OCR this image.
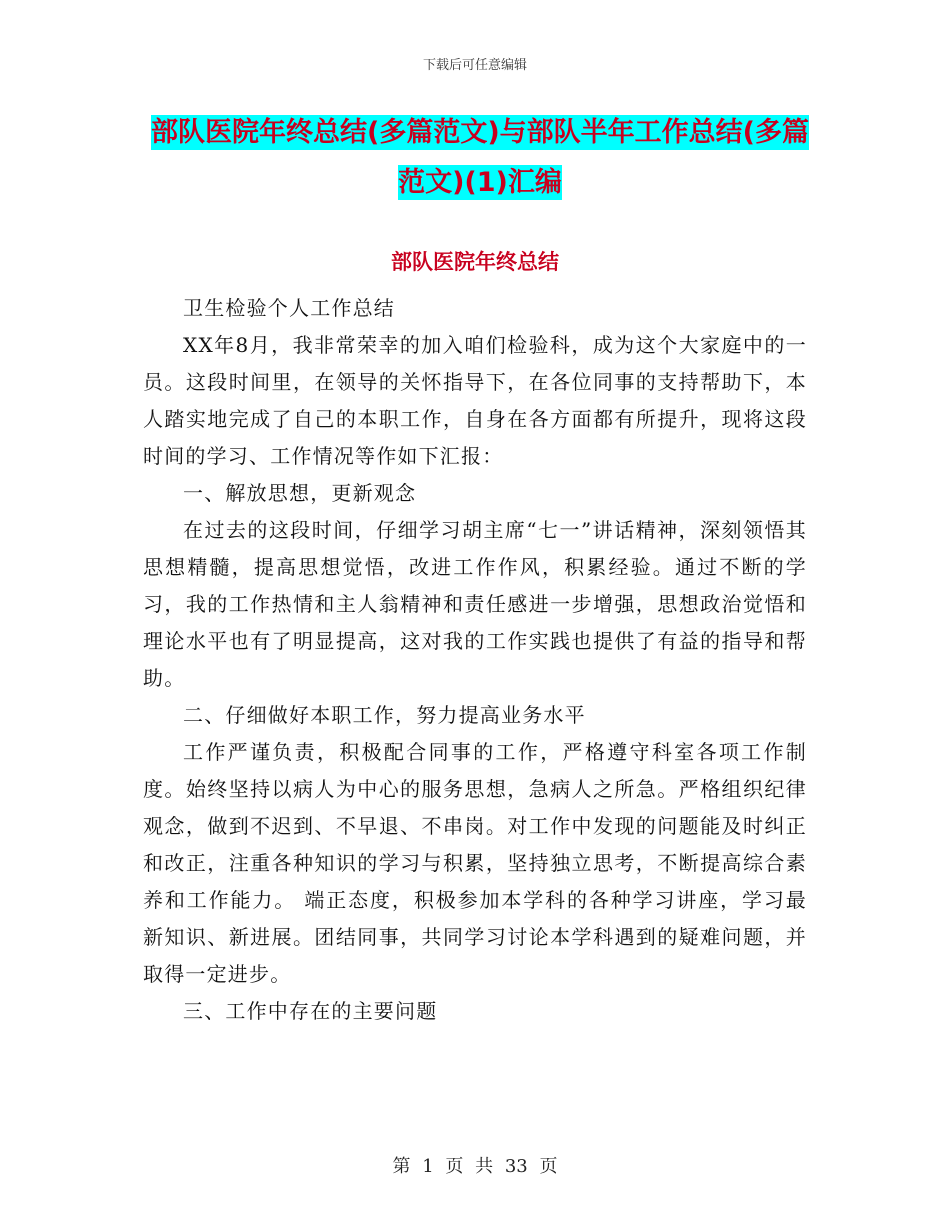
下载后可任意编辑
部队医院年终总结(多篇范文)与部队半年工作总结(多篇范文)(1)汇编
部队医院年终总结

卫生检验个人工作总结

XX年8月，我非常荣幸的加入咱们检验科，成为这个大家庭中的一员。这段时间里，在领导的关怀指导下，在各位同事的支持帮助下，本人踏实地完成了自己的本职工作，自身在各方面都有所提升，现将这段时间的学习、工作情况等作如下汇报：

一、解放思想，更新观念

在过去的这段时间，仔细学习胡主席“七一”讲话精神，深刻领悟其思想精髓，提高思想觉悟，改进工作作风，积累经验。通过不断的学习，我的工作热情和主人翁精神和责任感进一步增强，思想政治觉悟和理论水平也有了明显提高，这对我的工作实践也提供了有益的指导和帮助。

二、仔细做好本职工作，努力提高业务水平

工作严谨负责，积极配合同事的工作，严格遵守科室各项工作制度。始终坚持以病人为中心的服务思想，急病人之所急。严格组织纪律观念，做到不迟到、不早退、不串岗。对工作中发现的问题能及时纠正和改正，注重各种知识的学习与积累，坚持独立思考，不断提高综合素养和工作能力。 端正态度，积极参加本学科的各种学习讲座，学习最新知识、新进展。团结同事，共同学习讨论本学科遇到的疑难问题，并取得一定进步。

三、工作中存在的主要问题

第 1 页 共 33 页
